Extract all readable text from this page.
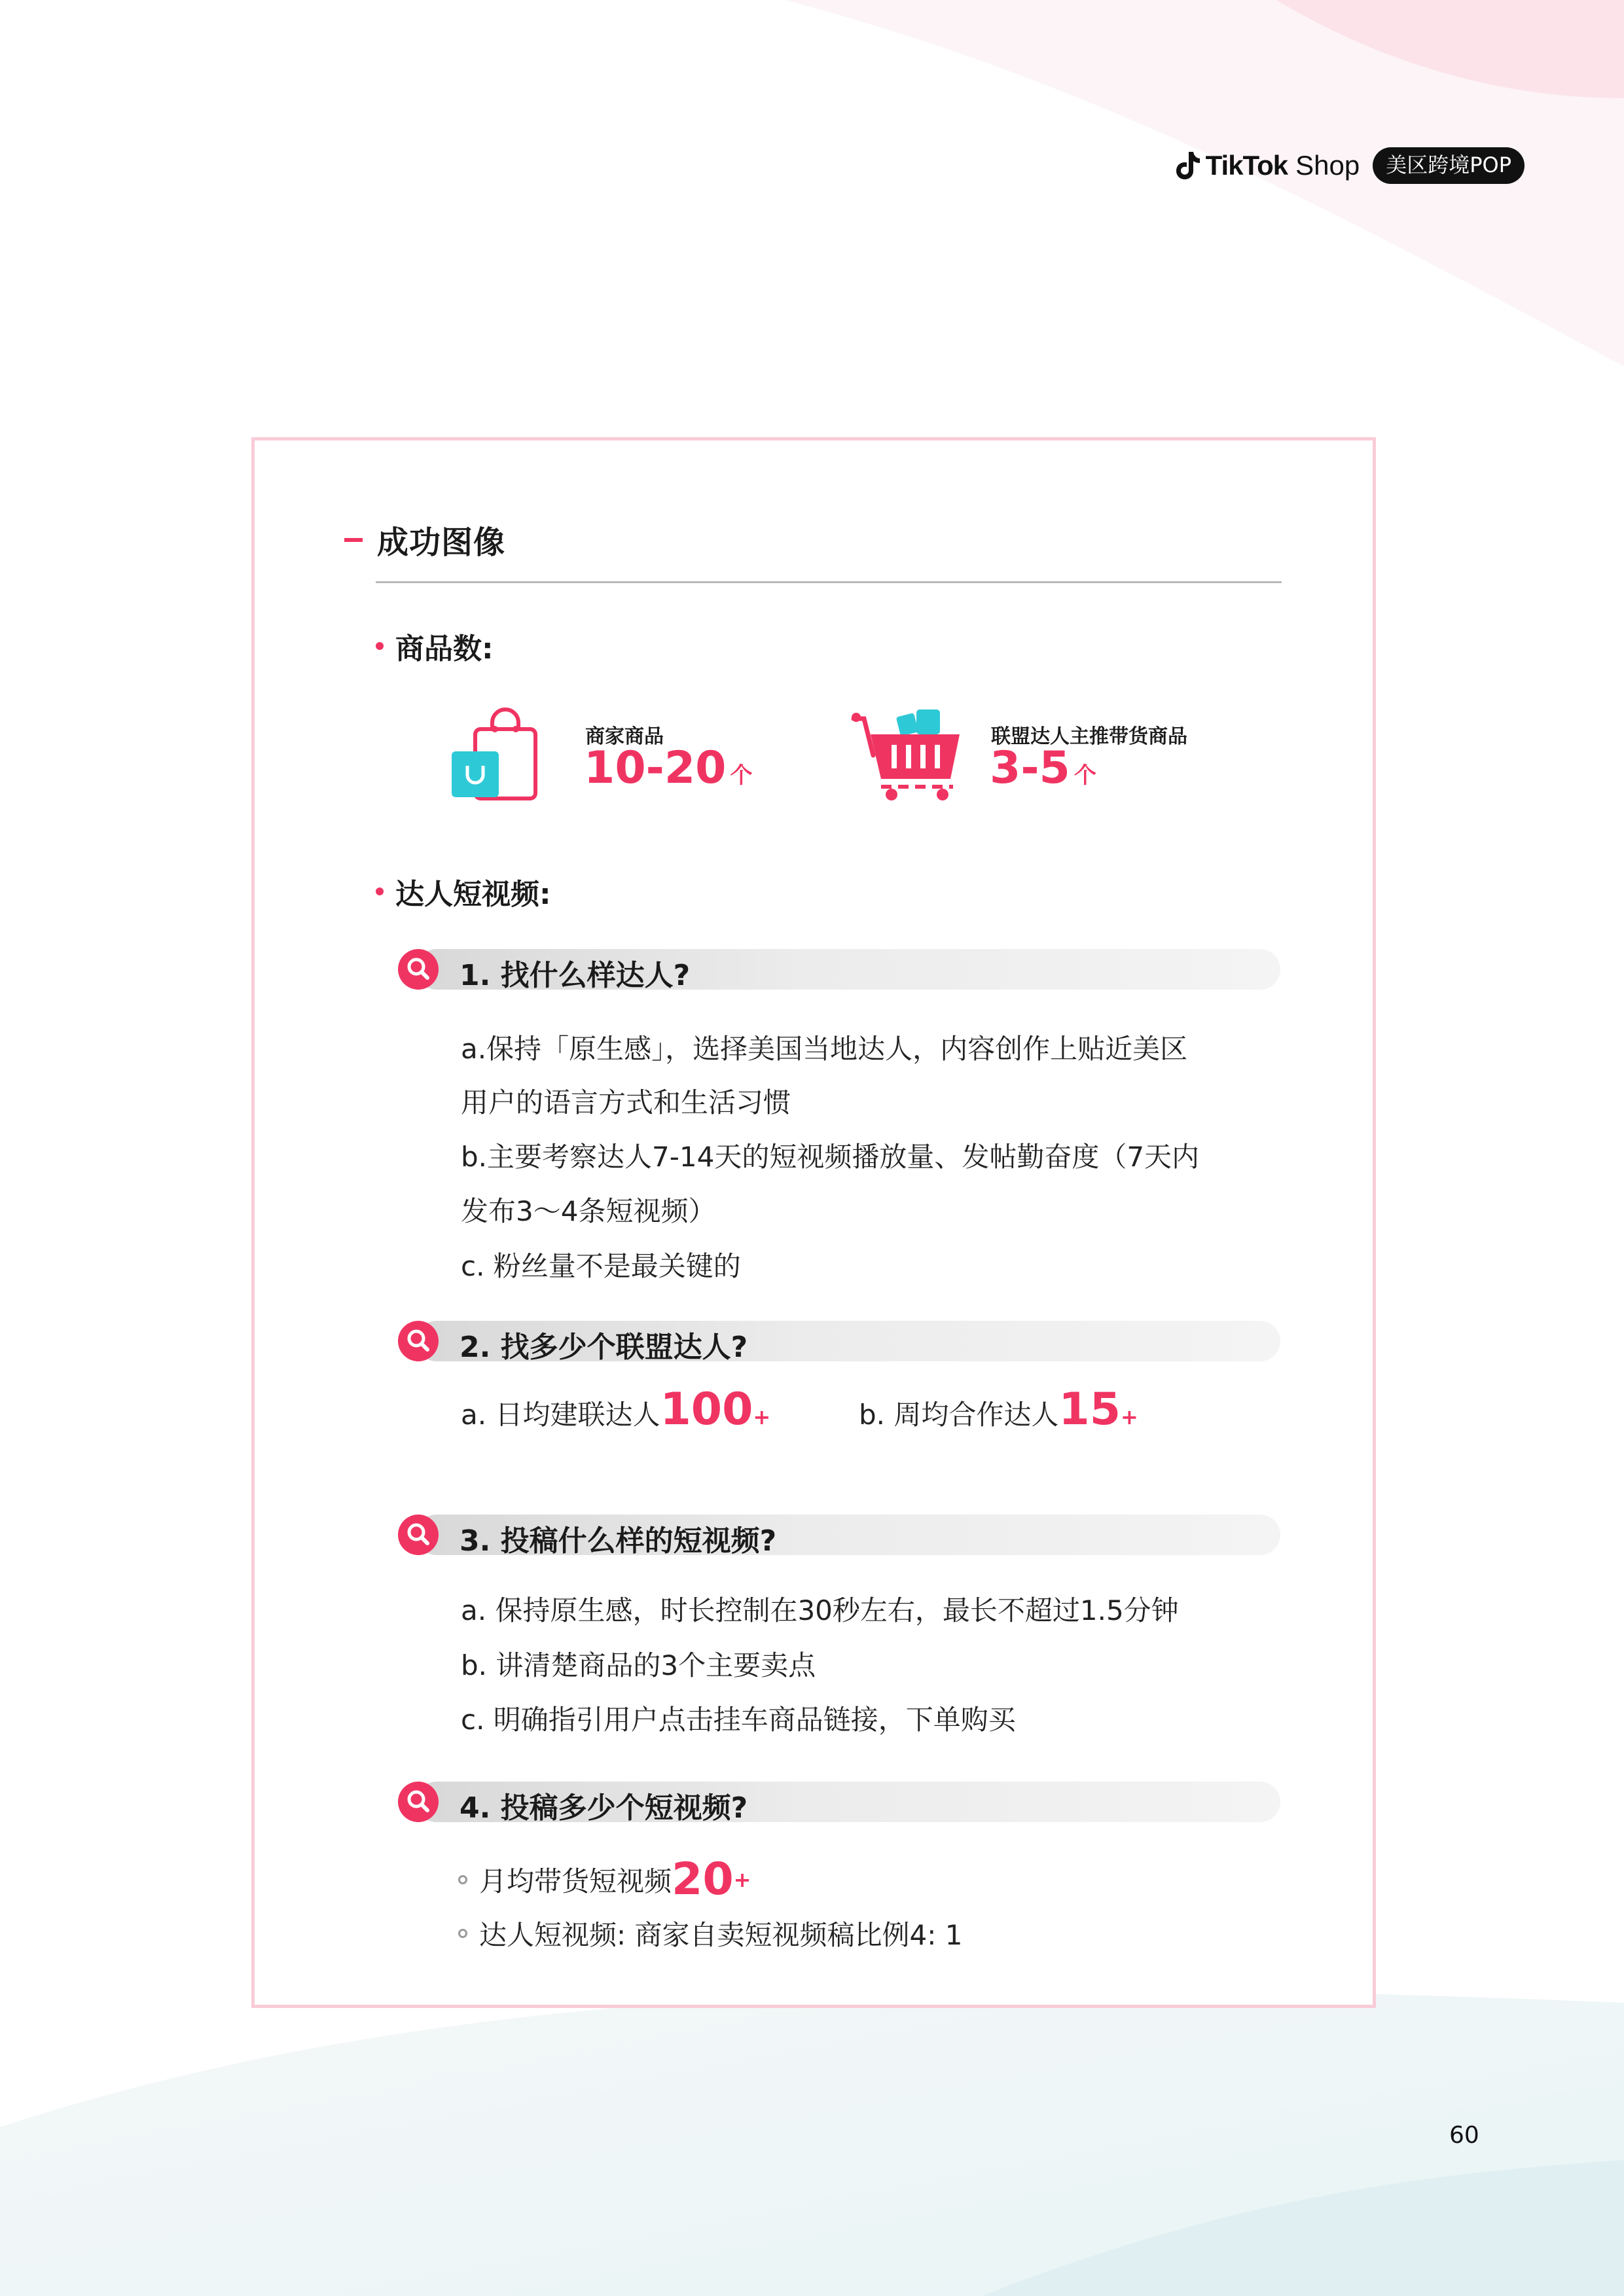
TikTok Shop	美区跨境POP
成功图像
商品数:
商家商品
10-20 个
联盟达人主推带货商品
3-5 个
达人短视频:
1. 找什么样达人?
a.保持「原生感」，选择美国当地达人，内容创作上贴近美区
用户的语言方式和生活习惯
b.主要考察达人7-14天的短视频播放量、发帖勤奋度（7天内
发布3～4条短视频）
c. 粉丝量不是最关键的
2. 找多少个联盟达人?
a. 日均建联达人100+	b. 周均合作达人15+
3. 投稿什么样的短视频?
a. 保持原生感，时长控制在30秒左右，最长不超过1.5分钟
b. 讲清楚商品的3个主要卖点
c. 明确指引用户点击挂车商品链接，下单购买
4. 投稿多少个短视频?
月均带货短视频 20 +
达人短视频: 商家自卖短视频稿比例4: 1
60
